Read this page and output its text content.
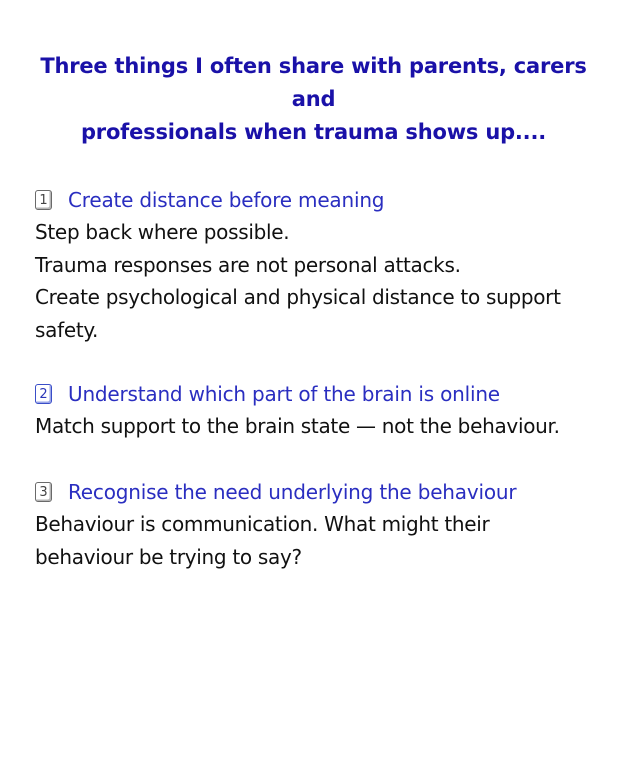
Three things I often share with parents, carers and
professionals when trauma shows up....
1 Create distance before meaning
Step back where possible.
Trauma responses are not personal attacks.
Create psychological and physical distance to support
safety.
2 Understand which part of the brain is online
Match support to the brain state — not the behaviour.
3 Recognise the need underlying the behaviour
Behaviour is communication. What might their
behaviour be trying to say?
